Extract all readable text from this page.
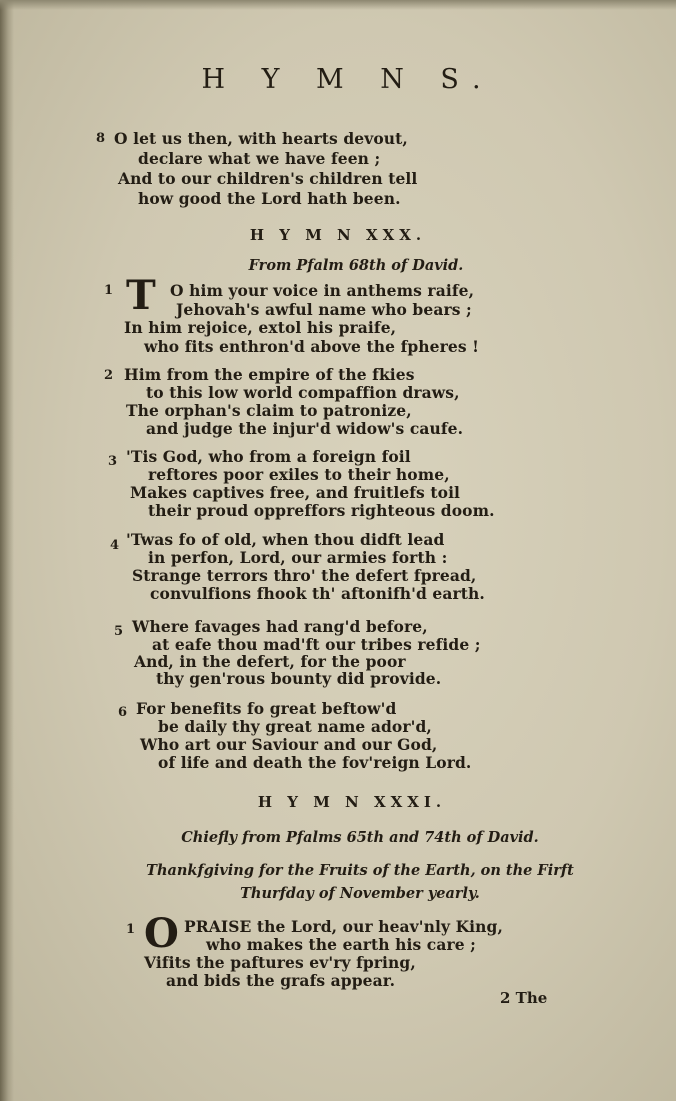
H Y M N S.
8 O let us then, with hearts devout,
declare what we have feen ;
And to our children's children tell
how good the Lord hath been.
H Y M N XXX.
From Pfalm 68th of David.
1 T O him your voice in anthems raife,
Jehovah's awful name who bears ;
In him rejoice, extol his praife,
who fits enthron'd above the fpheres !
2 Him from the empire of the fkies
to this low world compaffion draws,
The orphan's claim to patronize,
and judge the injur'd widow's caufe.
3 'Tis God, who from a foreign foil
reftores poor exiles to their home,
Makes captives free, and fruitlefs toil
their proud oppreffors righteous doom.
4 'Twas fo of old, when thou didft lead
in perfon, Lord, our armies forth :
Strange terrors thro' the defert fpread,
convulfions fhook th' aftonifh'd earth.
5 Where favages had rang'd before,
at eafe thou mad'ft our tribes refide ;
And, in the defert, for the poor
thy gen'rous bounty did provide.
6 For benefits fo great beftow'd
be daily thy great name ador'd,
Who art our Saviour and our God,
of life and death the fov'reign Lord.
H Y M N XXXI.
Chiefly from Pfalms 65th and 74th of David.
Thankfgiving for the Fruits of the Earth, on the Firft
Thurfday of November yearly.
1 O PRAISE the Lord, our heav'nly King,
who makes the earth his care ;
Vifits the paftures ev'ry fpring,
and bids the grafs appear.
2 The
